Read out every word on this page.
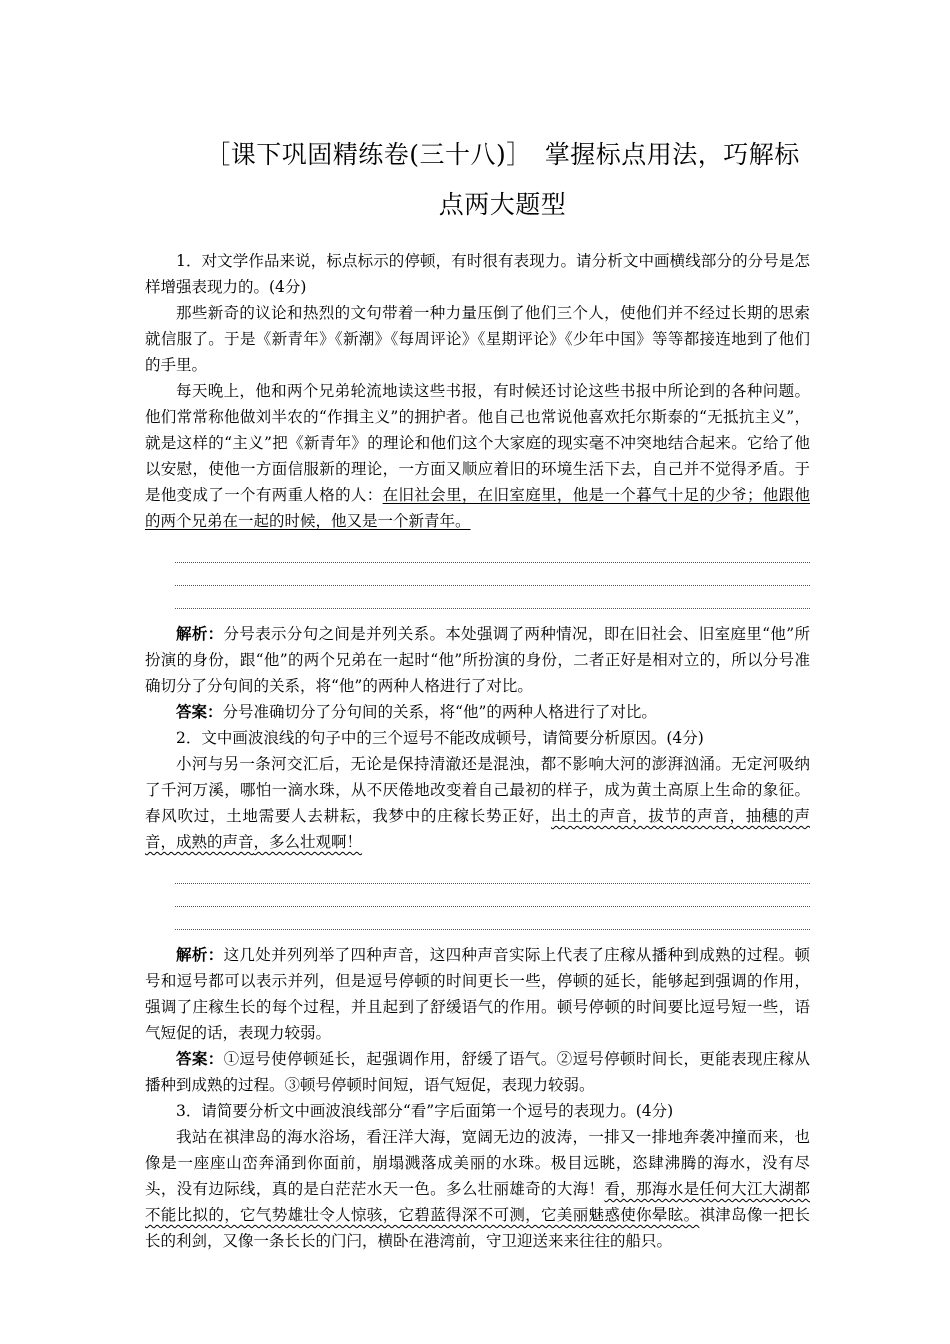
［课下巩固精练卷(三十八)］　掌握标点用法，巧解标点两大题型

1．对文学作品来说，标点标示的停顿，有时很有表现力。请分析文中画横线部分的分号是怎样增强表现力的。(4分)

那些新奇的议论和热烈的文句带着一种力量压倒了他们三个人，使他们并不经过长期的思索就信服了。于是《新青年》《新潮》《每周评论》《星期评论》《少年中国》等等都接连地到了他们的手里。

每天晚上，他和两个兄弟轮流地读这些书报，有时候还讨论这些书报中所论到的各种问题。他们常常称他做刘半农的“作揖主义”的拥护者。他自己也常说他喜欢托尔斯泰的“无抵抗主义”，就是这样的“主义”把《新青年》的理论和他们这个大家庭的现实毫不冲突地结合起来。它给了他以安慰，使他一方面信服新的理论，一方面又顺应着旧的环境生活下去，自己并不觉得矛盾。于是他变成了一个有两重人格的人：在旧社会里，在旧室庭里，他是一个暮气十足的少爷；他跟他的两个兄弟在一起的时候，他又是一个新青年。

解析：分号表示分句之间是并列关系。本处强调了两种情况，即在旧社会、旧室庭里“他”所扮演的身份，跟“他”的两个兄弟在一起时“他”所扮演的身份，二者正好是相对立的，所以分号准确切分了分句间的关系，将“他”的两种人格进行了对比。

答案：分号准确切分了分句间的关系，将“他”的两种人格进行了对比。

2．文中画波浪线的句子中的三个逗号不能改成顿号，请简要分析原因。(4分)

小河与另一条河交汇后，无论是保持清澈还是混浊，都不影响大河的澎湃汹涌。无定河吸纳了千河万溪，哪怕一滴水珠，从不厌倦地改变着自己最初的样子，成为黄土高原上生命的象征。春风吹过，土地需要人去耕耘，我梦中的庄稼长势正好，出土的声音，拔节的声音，抽穗的声音，成熟的声音，多么壮观啊！

解析：这几处并列列举了四种声音，这四种声音实际上代表了庄稼从播种到成熟的过程。顿号和逗号都可以表示并列，但是逗号停顿的时间更长一些，停顿的延长，能够起到强调的作用，强调了庄稼生长的每个过程，并且起到了舒缓语气的作用。顿号停顿的时间要比逗号短一些，语气短促的话，表现力较弱。

答案：①逗号使停顿延长，起强调作用，舒缓了语气。②逗号停顿时间长，更能表现庄稼从播种到成熟的过程。③顿号停顿时间短，语气短促，表现力较弱。

3．请简要分析文中画波浪线部分“看”字后面第一个逗号的表现力。(4分)

我站在祺津岛的海水浴场，看汪洋大海，宽阔无边的波涛，一排又一排地奔袭冲撞而来，也像是一座座山峦奔涌到你面前，崩塌溅落成美丽的水珠。极目远眺，恣肆沸腾的海水，没有尽头，没有边际线，真的是白茫茫水天一色。多么壮丽雄奇的大海！看，那海水是任何大江大湖都不能比拟的，它气势雄壮令人惊骇，它碧蓝得深不可测，它美丽魅惑使你晕眩。祺津岛像一把长长的利剑，又像一条长长的门闩，横卧在港湾前，守卫迎送来来往往的船只。
